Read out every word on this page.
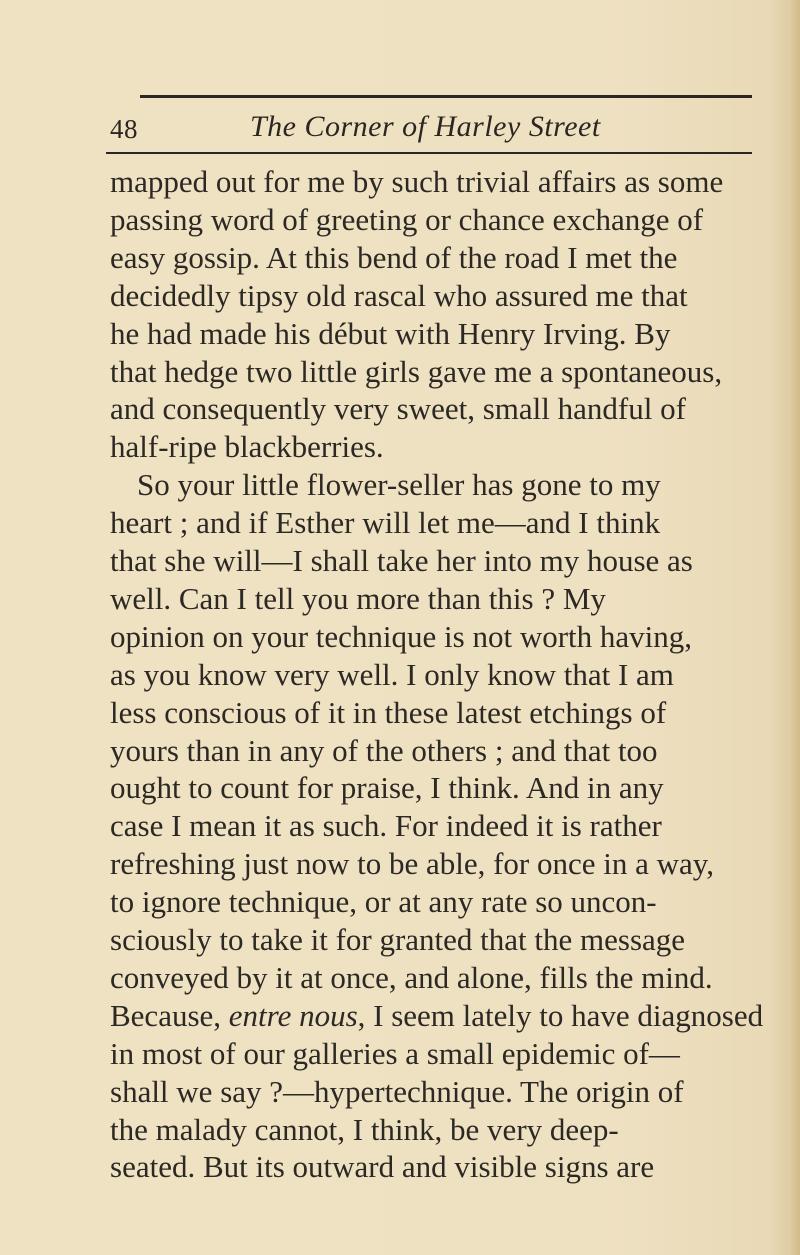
48	The Corner of Harley Street
mapped out for me by such trivial affairs as some
passing word of greeting or chance exchange of
easy gossip. At this bend of the road I met the
decidedly tipsy old rascal who assured me that
he had made his début with Henry Irving. By
that hedge two little girls gave me a spontaneous,
and consequently very sweet, small handful of
half-ripe blackberries.
So your little flower-seller has gone to my
heart ; and if Esther will let me—and I think
that she will—I shall take her into my house as
well. Can I tell you more than this ? My
opinion on your technique is not worth having,
as you know very well. I only know that I am
less conscious of it in these latest etchings of
yours than in any of the others ; and that too
ought to count for praise, I think. And in any
case I mean it as such. For indeed it is rather
refreshing just now to be able, for once in a way,
to ignore technique, or at any rate so uncon-
sciously to take it for granted that the message
conveyed by it at once, and alone, fills the mind.
Because, entre nous, I seem lately to have diagnosed
in most of our galleries a small epidemic of—
shall we say ?—hypertechnique. The origin of
the malady cannot, I think, be very deep-
seated. But its outward and visible signs are
